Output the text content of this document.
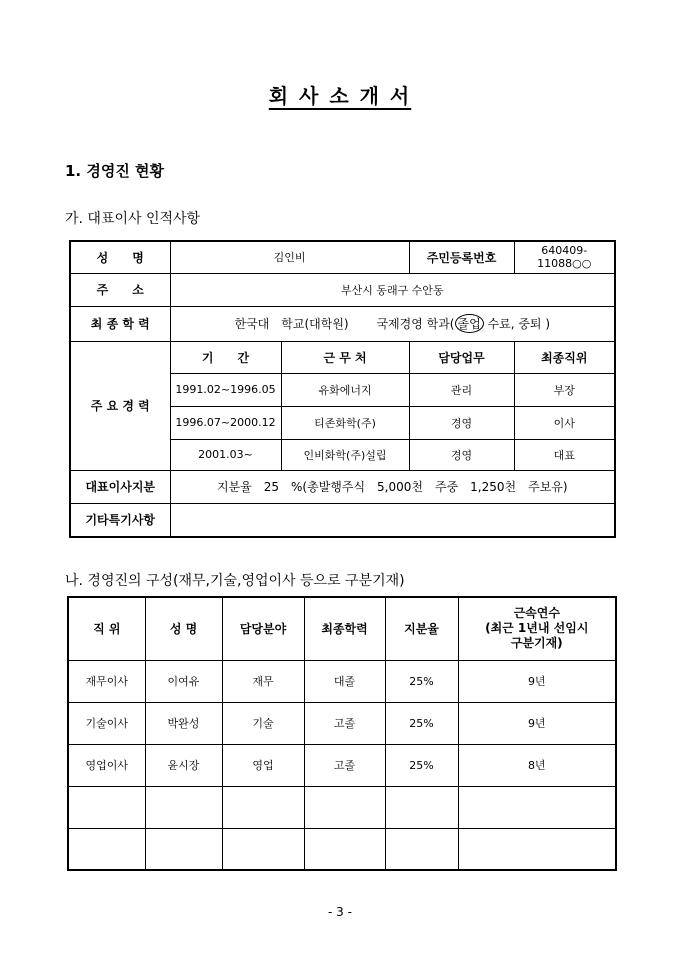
회 사 소 개 서
1. 경영진 현황
가. 대표이사 인적사항
성　　명	김인비		주민등록번호	640409-11088○○
주　　소	부산시 동래구 수안동			
최 종 학 력	한국대　학교(대학원)　　 국제경영 학과( 졸업 수료, 중퇴 )			
주 요 경 력	기　　간	근 무 처	담당업무	최종직위
	1991.02~1996.05	유화에너지	관리	부장
	1996.07~2000.12	티존화학(주)	경영	이사
	2001.03~	인비화학(주)설립	경영	대표
대표이사지분	지분율　25　%(총발행주식　5,000천　주중　1,250천　주보유)			
기타특기사항				
나. 경영진의 구성(재무,기술,영업이사 등으로 구분기재)
직 위	성 명	담당분야	최종학력	지분율	근속연수
(최근 1년내 선임시
구분기재)
재무이사	이여유	재무	대졸	25%	9년
기술이사	박완성	기술	고졸	25%	9년
영업이사	윤시장	영업	고졸	25%	8년

- 3 -
